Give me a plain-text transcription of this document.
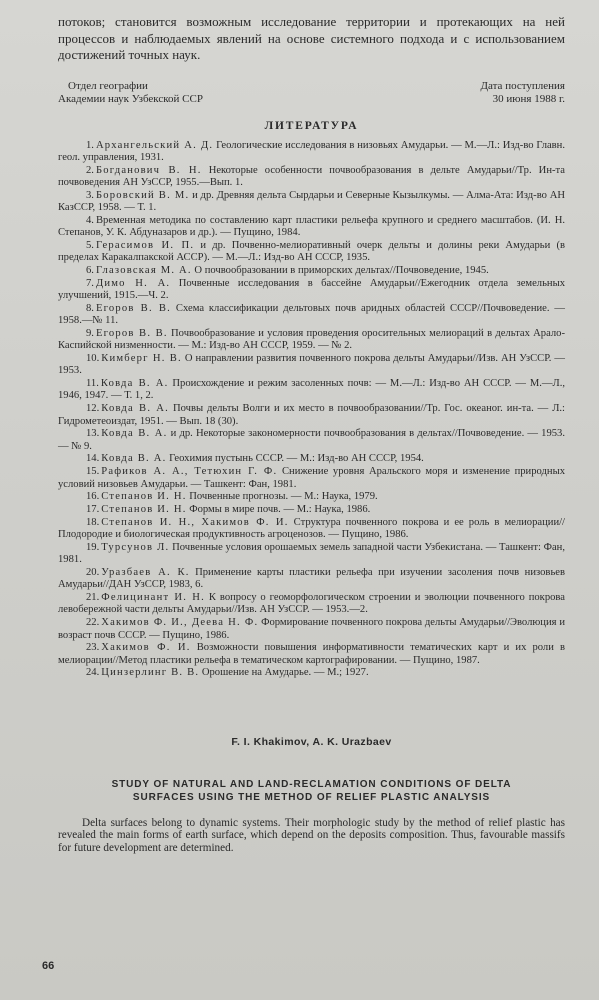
потоков; становится возможным исследование территории и протекающих на ней процессов и наблюдаемых явлений на основе системного подхода и с использованием достижений точных наук.

Отдел географии
Академии наук Узбекской ССР
Дата поступления
30 июня 1988 г.
ЛИТЕРАТУРА

1. Архангельский А. Д. Геологические исследования в низовьях Амударьи. — М.—Л.: Изд-во Главн. геол. управления, 1931.

2. Богданович В. Н. Некоторые особенности почвообразования в дельте Амударьи//Тр. Ин-та почвоведения АН УзССР, 1955.—Вып. 1.

3. Боровский В. М. и др. Древняя дельта Сырдарьи и Северные Кызылкумы. — Алма-Ата: Изд-во АН КазССР, 1958. — Т. 1.

4. Временная методика по составлению карт пластики рельефа крупного и среднего масштабов. (И. Н. Степанов, У. К. Абдуназаров и др.). — Пущино, 1984.

5. Герасимов И. П. и др. Почвенно-мелиоративный очерк дельты и долины реки Амударьи (в пределах Каракалпакской АССР). — М.—Л.: Изд-во АН СССР, 1935.

6. Глазовская М. А. О почвообразовании в приморских дельтах//Почвоведение, 1945.

7. Димо Н. А. Почвенные исследования в бассейне Амударьи//Ежегодник отдела земельных улучшений, 1915.—Ч. 2.

8. Егоров В. В. Схема классификации дельтовых почв аридных областей СССР//Почвоведение. — 1958.—№ 11.

9. Егоров В. В. Почвообразование и условия проведения оросительных мелиораций в дельтах Арало-Каспийской низменности. — М.: Изд-во АН СССР, 1959. — № 2.

10. Кимберг Н. В. О направлении развития почвенного покрова дельты Амударьи//Изв. АН УзССР. — 1953.

11. Ковда В. А. Происхождение и режим засоленных почв: — М.—Л.: Изд-во АН СССР. — М.—Л., 1946, 1947. — Т. 1, 2.

12. Ковда В. А. Почвы дельты Волги и их место в почвообразовании//Тр. Гос. океаног. ин-та. — Л.: Гидрометеоиздат, 1951. — Вып. 18 (30).

13. Ковда В. А. и др. Некоторые закономерности почвообразования в дельтах//Почвоведение. — 1953. — № 9.

14. Ковда В. А. Геохимия пустынь СССР. — М.: Изд-во АН СССР, 1954.

15. Рафиков А. А., Тетюхин Г. Ф. Снижение уровня Аральского моря и изменение природных условий низовьев Амударьи. — Ташкент: Фан, 1981.

16. Степанов И. Н. Почвенные прогнозы. — М.: Наука, 1979.

17. Степанов И. Н. Формы в мире почв. — М.: Наука, 1986.

18. Степанов И. Н., Хакимов Ф. И. Структура почвенного покрова и ее роль в мелиорации//Плодородие и биологическая продуктивность агроценозов. — Пущино, 1986.

19. Турсунов Л. Почвенные условия орошаемых земель западной части Узбекистана. — Ташкент: Фан, 1981.

20. Уразбаев А. К. Применение карты пластики рельефа при изучении засоления почв низовьев Амударьи//ДАН УзССР, 1983, 6.

21. Фелицинант И. Н. К вопросу о геоморфологическом строении и эволюции почвенного покрова левобережной части дельты Амударьи//Изв. АН УзССР. — 1953.—2.

22. Хакимов Ф. И., Деева Н. Ф. Формирование почвенного покрова дельты Амударьи//Эволюция и возраст почв СССР. — Пущино, 1986.

23. Хакимов Ф. И. Возможности повышения информативности тематических карт и их роли в мелиорации//Метод пластики рельефа в тематическом картографировании. — Пущино, 1987.

24. Цинзерлинг В. В. Орошение на Амударье. — М.; 1927.

F. I. Khakimov, A. K. Urazbaev
STUDY OF NATURAL AND LAND-RECLAMATION CONDITIONS OF DELTA
SURFACES USING THE METHOD OF RELIEF PLASTIC ANALYSIS

Delta surfaces belong to dynamic systems. Their morphologic study by the method of relief plastic has revealed the main forms of earth surface, which depend on the deposits composition. Thus, favourable massifs for future development are determined.

66
